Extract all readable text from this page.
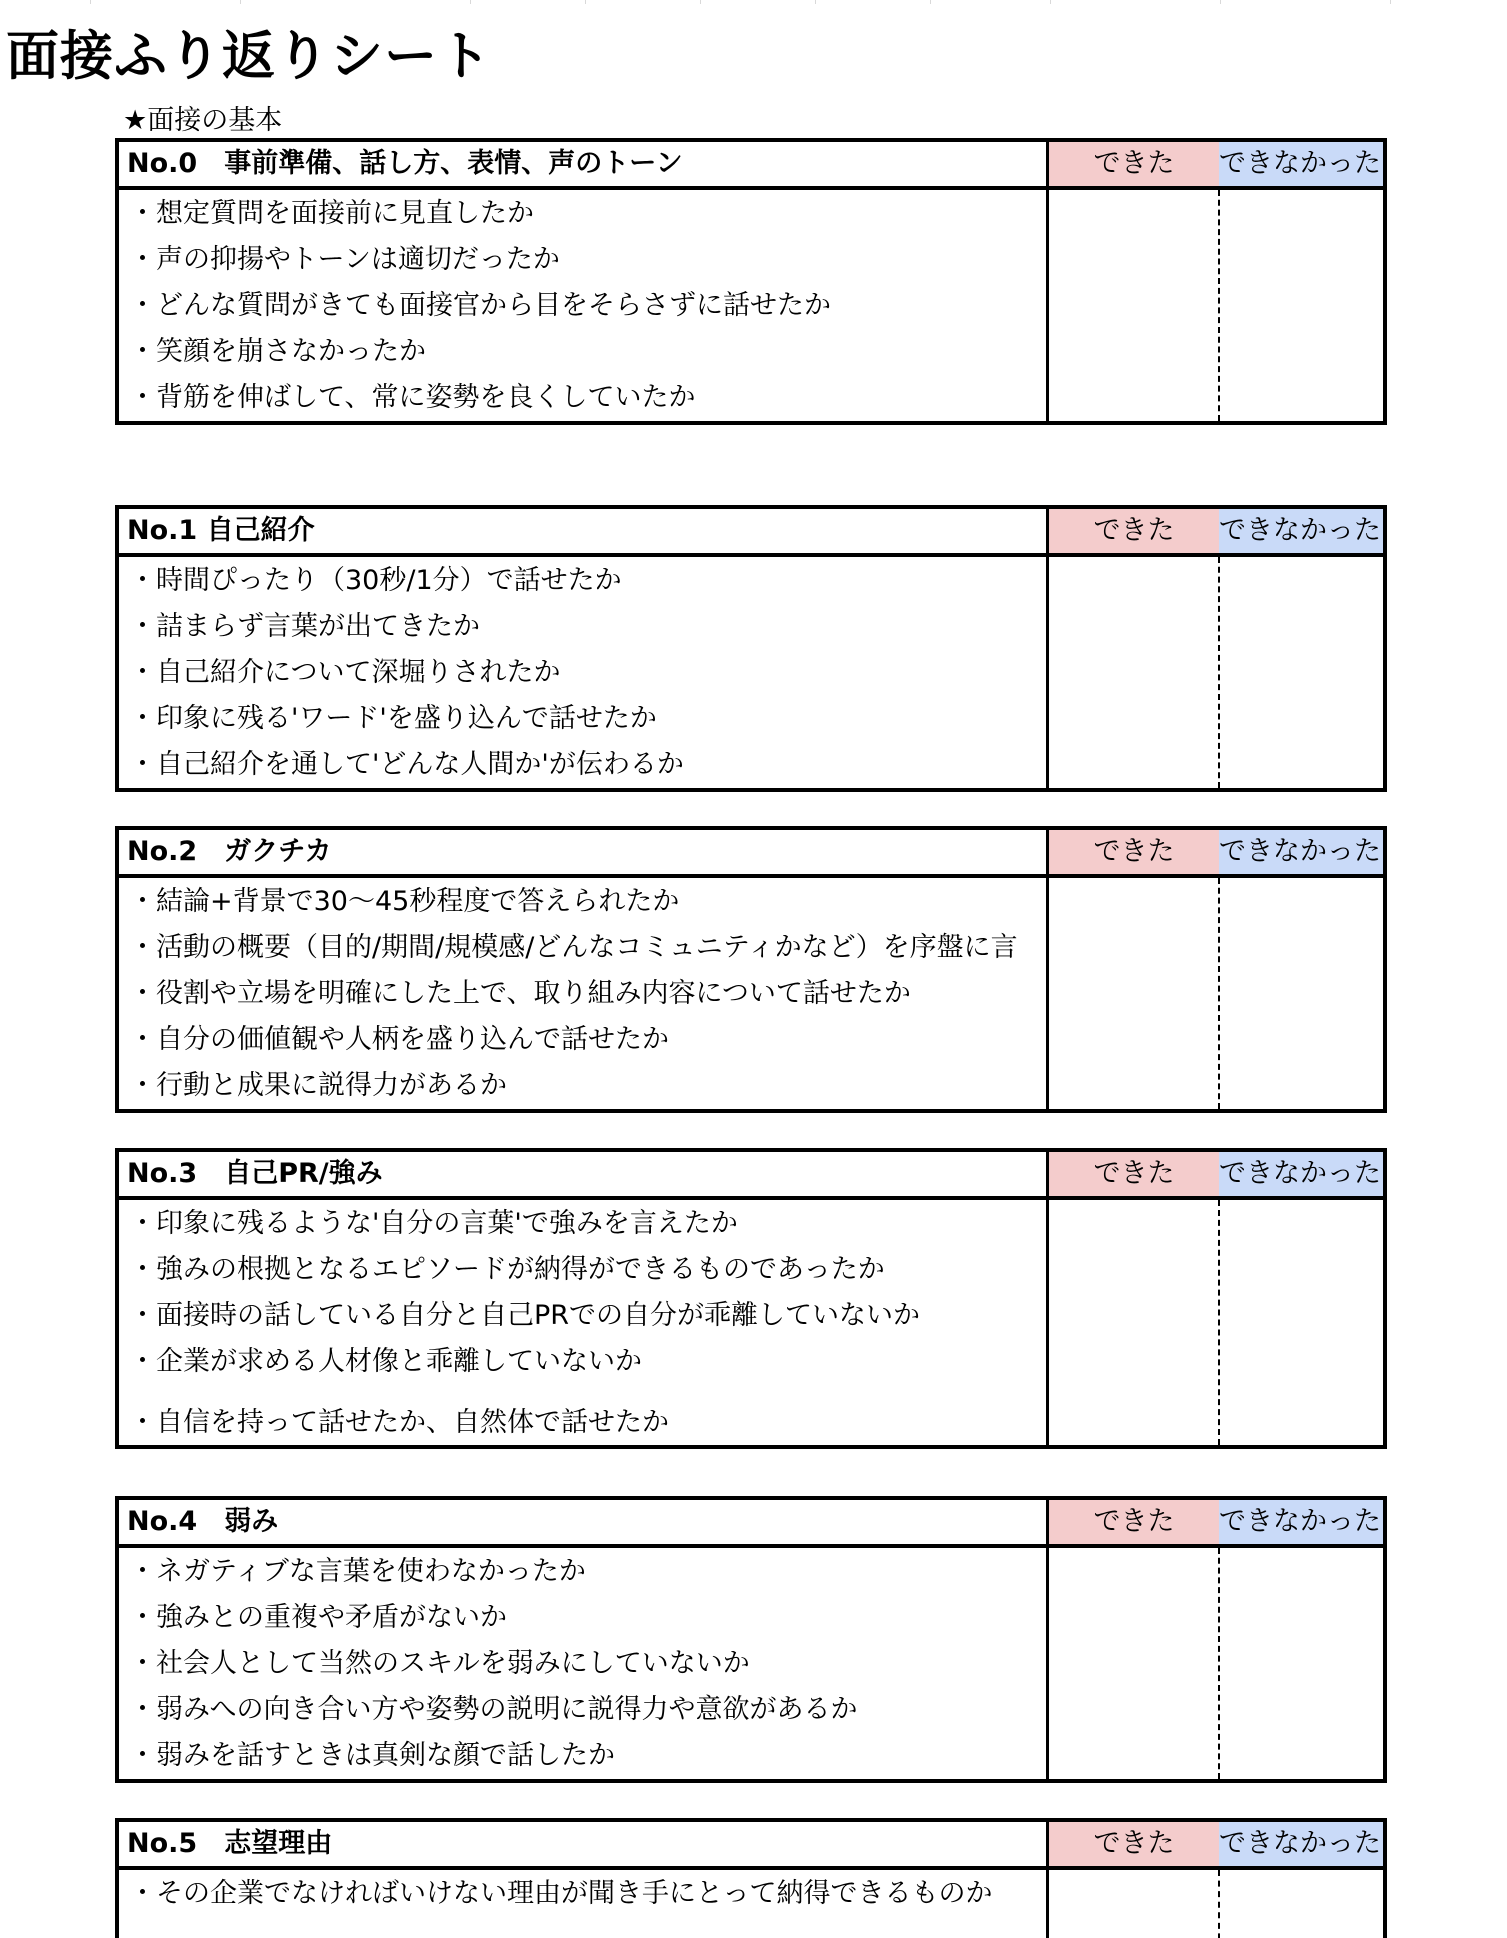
面接ふり返りシート
★面接の基本
No.0　事前準備、話し方、表情、声のトーン	できた	できなかった
・想定質問を面接前に見直したか
・声の抑揚やトーンは適切だったか
・どんな質問がきても面接官から目をそらさずに話せたか
・笑顔を崩さなかったか
・背筋を伸ばして、常に姿勢を良くしていたか
No.1 自己紹介	できた	できなかった
・時間ぴったり（30秒/1分）で話せたか
・詰まらず言葉が出てきたか
・自己紹介について深堀りされたか
・印象に残る'ワード'を盛り込んで話せたか
・自己紹介を通して'どんな人間か'が伝わるか
No.2　ガクチカ	できた	できなかった
・結論+背景で30〜45秒程度で答えられたか
・活動の概要（目的/期間/規模感/どんなコミュニティかなど）を序盤に言
・役割や立場を明確にした上で、取り組み内容について話せたか
・自分の価値観や人柄を盛り込んで話せたか
・行動と成果に説得力があるか
No.3　自己PR/強み	できた	できなかった
・印象に残るような'自分の言葉'で強みを言えたか
・強みの根拠となるエピソードが納得ができるものであったか
・面接時の話している自分と自己PRでの自分が乖離していないか
・企業が求める人材像と乖離していないか
・自信を持って話せたか、自然体で話せたか
No.4　弱み	できた	できなかった
・ネガティブな言葉を使わなかったか
・強みとの重複や矛盾がないか
・社会人として当然のスキルを弱みにしていないか
・弱みへの向き合い方や姿勢の説明に説得力や意欲があるか
・弱みを話すときは真剣な顔で話したか
No.5　志望理由	できた	できなかった
・その企業でなければいけない理由が聞き手にとって納得できるものか
